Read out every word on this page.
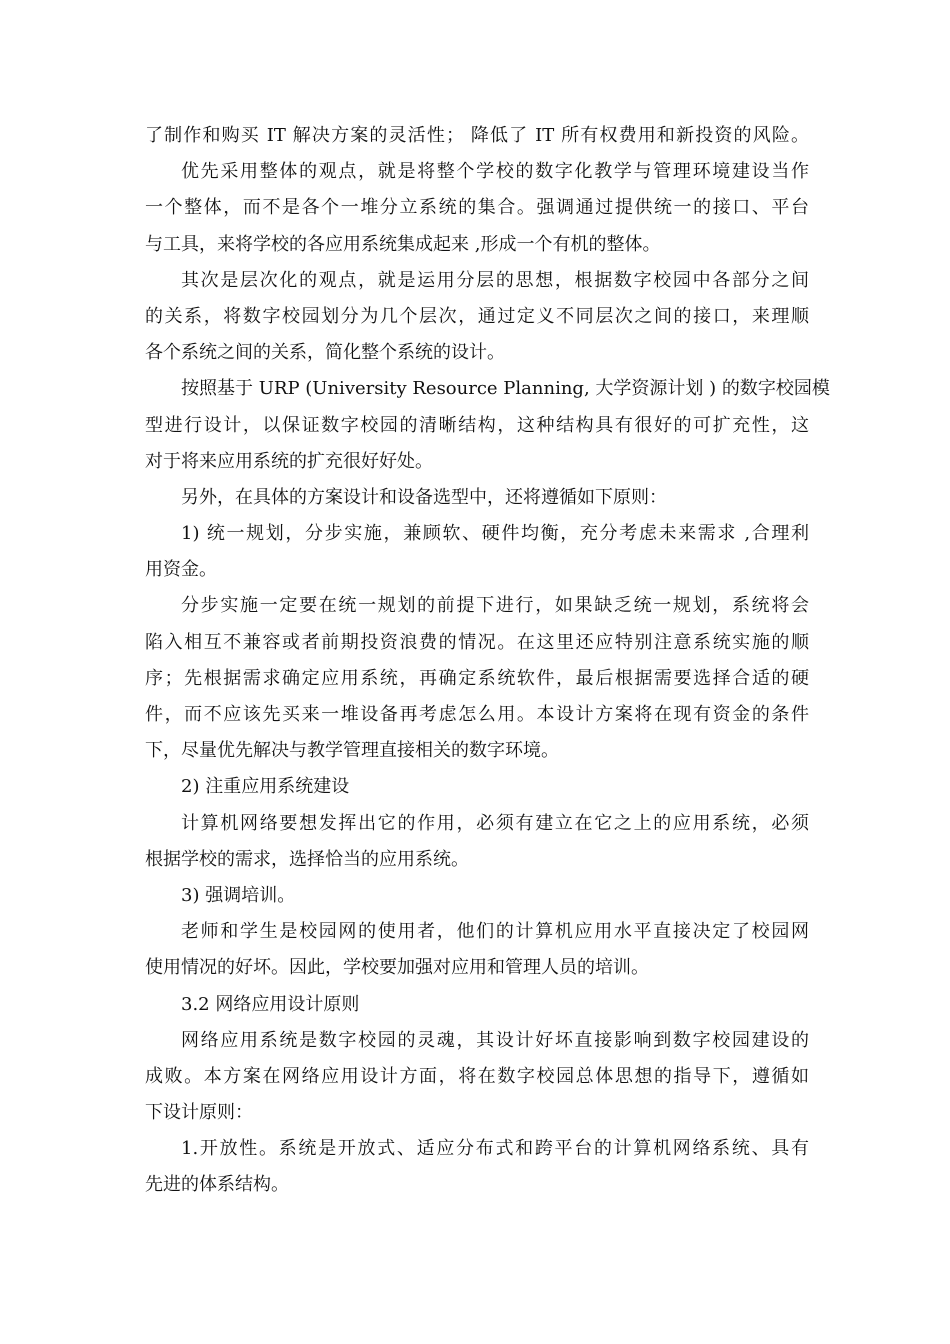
了制作和购买 IT 解决方案的灵活性； 降低了 IT 所有权费用和新投资的风险。
优先采用整体的观点，就是将整个学校的数字化教学与管理环境建设当作
一个整体，而不是各个一堆分立系统的集合。强调通过提供统一的接口、平台
与工具，来将学校的各应用系统集成起来 ,形成一个有机的整体。
其次是层次化的观点，就是运用分层的思想，根据数字校园中各部分之间
的关系，将数字校园划分为几个层次，通过定义不同层次之间的接口，来理顺
各个系统之间的关系，简化整个系统的设计。
按照基于 URP (University Resource Planning, 大学资源计划 ) 的数字校园模
型进行设计，以保证数字校园的清晰结构，这种结构具有很好的可扩充性，这
对于将来应用系统的扩充很好好处。
另外，在具体的方案设计和设备选型中，还将遵循如下原则：
1) 统一规划，分步实施，兼顾软、硬件均衡，充分考虑未来需求 ,合理利
用资金。
分步实施一定要在统一规划的前提下进行，如果缺乏统一规划，系统将会
陷入相互不兼容或者前期投资浪费的情况。在这里还应特别注意系统实施的顺
序；先根据需求确定应用系统，再确定系统软件，最后根据需要选择合适的硬
件，而不应该先买来一堆设备再考虑怎么用。本设计方案将在现有资金的条件
下，尽量优先解决与教学管理直接相关的数字环境。
2) 注重应用系统建设
计算机网络要想发挥出它的作用，必须有建立在它之上的应用系统，必须
根据学校的需求，选择恰当的应用系统。
3) 强调培训。
老师和学生是校园网的使用者，他们的计算机应用水平直接决定了校园网
使用情况的好坏。因此，学校要加强对应用和管理人员的培训。
3.2 网络应用设计原则
网络应用系统是数字校园的灵魂，其设计好坏直接影响到数字校园建设的
成败。本方案在网络应用设计方面，将在数字校园总体思想的指导下，遵循如
下设计原则：
1.开放性。系统是开放式、适应分布式和跨平台的计算机网络系统、具有
先进的体系结构。
